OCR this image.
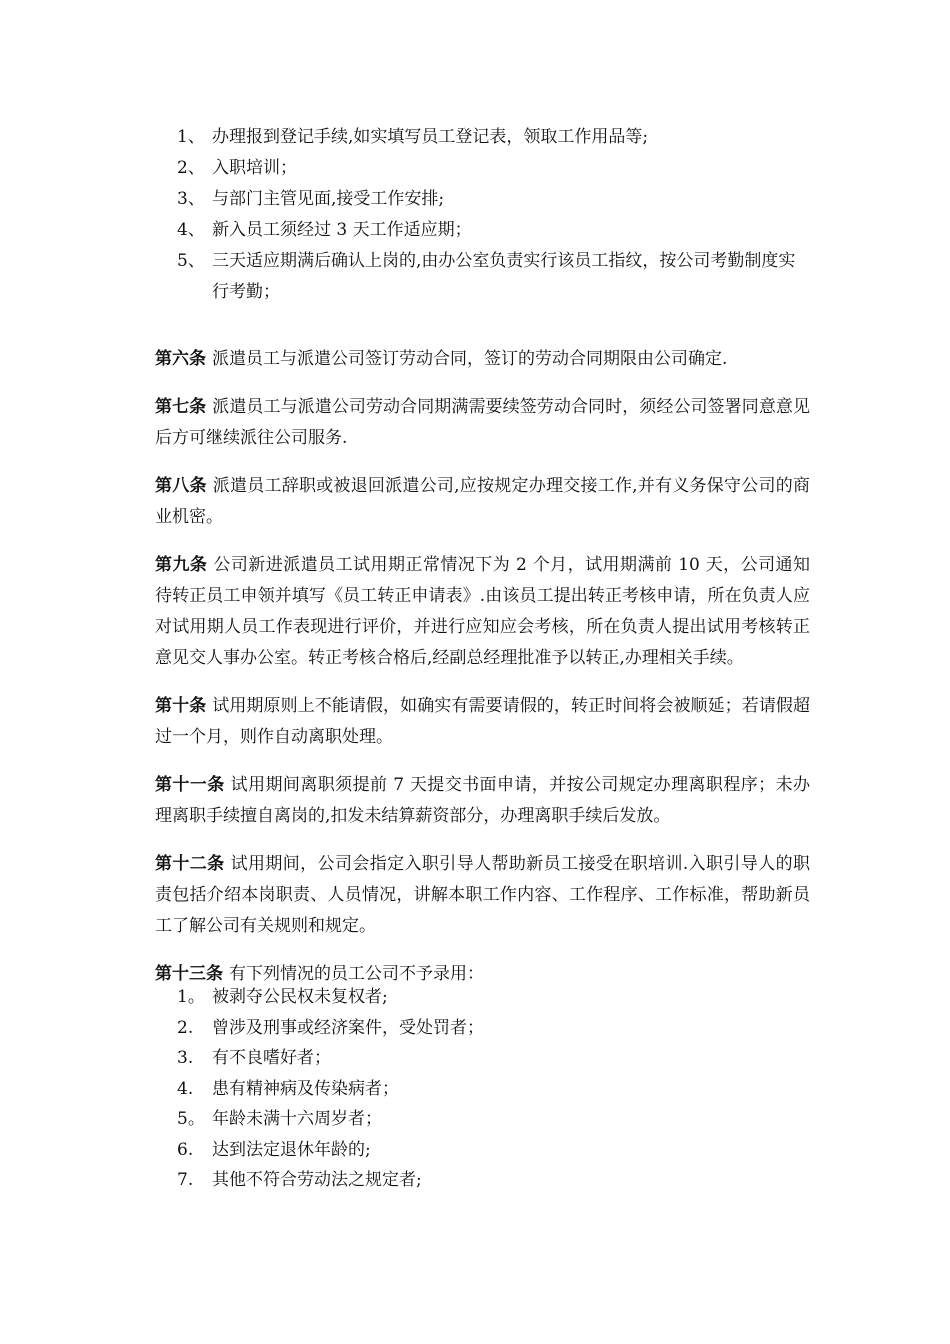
1、 办理报到登记手续,如实填写员工登记表，领取工作用品等;
2、 入职培训；
3、 与部门主管见面,接受工作安排;
4、 新入员工须经过 3 天工作适应期；
5、 三天适应期满后确认上岗的,由办公室负责实行该员工指纹，按公司考勤制度实行考勤；

第六条 派遣员工与派遣公司签订劳动合同，签订的劳动合同期限由公司确定.

第七条 派遣员工与派遣公司劳动合同期满需要续签劳动合同时，须经公司签署同意意见后方可继续派往公司服务.

第八条 派遣员工辞职或被退回派遣公司,应按规定办理交接工作,并有义务保守公司的商业机密。

第九条 公司新进派遣员工试用期正常情况下为 2 个月，试用期满前 10 天，公司通知待转正员工申领并填写《员工转正申请表》.由该员工提出转正考核申请，所在负责人应对试用期人员工作表现进行评价，并进行应知应会考核，所在负责人提出试用考核转正意见交人事办公室。转正考核合格后,经副总经理批准予以转正,办理相关手续。

第十条 试用期原则上不能请假，如确实有需要请假的，转正时间将会被顺延；若请假超过一个月，则作自动离职处理。

第十一条 试用期间离职须提前 7 天提交书面申请，并按公司规定办理离职程序；未办理离职手续擅自离岗的,扣发未结算薪资部分，办理离职手续后发放。

第十二条 试用期间，公司会指定入职引导人帮助新员工接受在职培训.入职引导人的职责包括介绍本岗职责、人员情况，讲解本职工作内容、工作程序、工作标准，帮助新员工了解公司有关规则和规定。

第十三条 有下列情况的员工公司不予录用：

1。 被剥夺公民权未复权者;
2.	曾涉及刑事或经济案件，受处罚者；
3.	有不良嗜好者；
4.	患有精神病及传染病者；
5。 年龄未满十六周岁者；
6.	达到法定退休年龄的;
7.	其他不符合劳动法之规定者;
